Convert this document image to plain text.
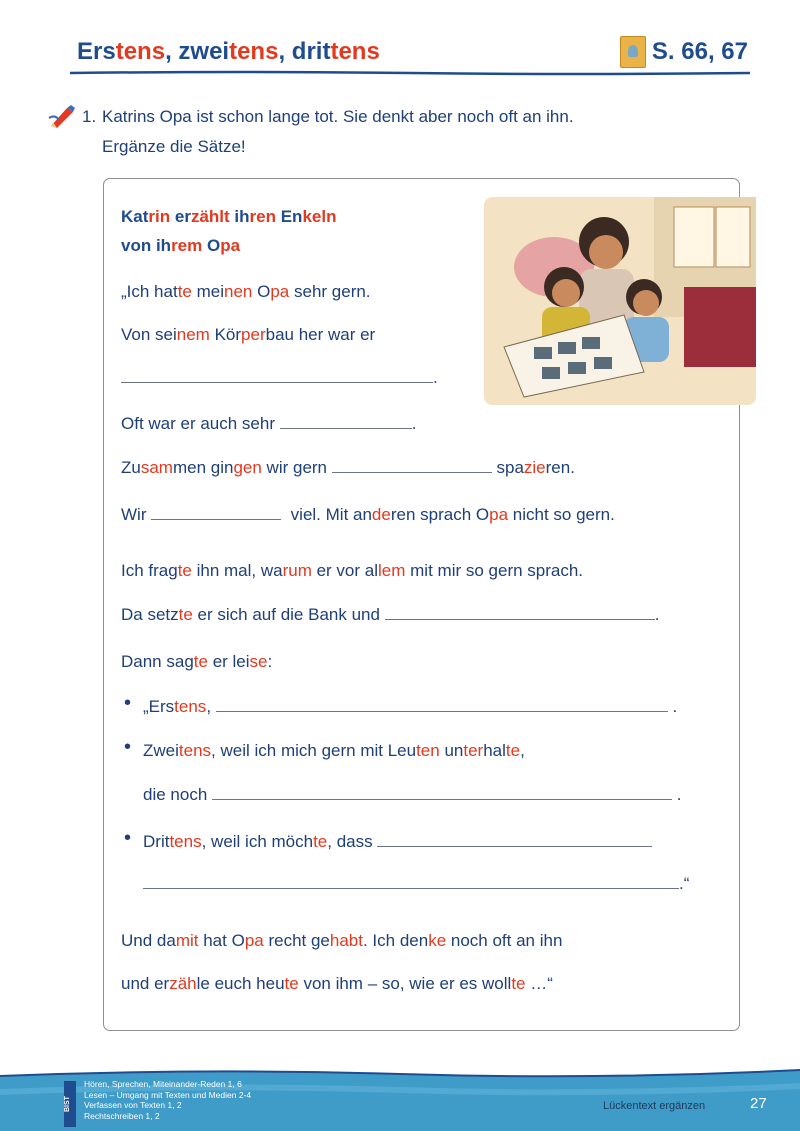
Erstens, zweitens, drittens	S. 66, 67
1. Katrins Opa ist schon lange tot. Sie denkt aber noch oft an ihn.
Ergänze die Sätze!
Katrin erzählt ihren Enkeln
von ihrem Opa
„Ich hatte meinen Opa sehr gern.
Von seinem Körperbau her war er
.
Oft war er auch sehr	.
Zusammen gingen wir gern	spazieren.
Wir	viel. Mit anderen sprach Opa nicht so gern.
Ich fragte ihn mal, warum er vor allem mit mir so gern sprach.
Da setzte er sich auf die Bank und	.
Dann sagte er leise:
• „Erstens,	.
• Zweitens, weil ich mich gern mit Leuten unterhalte,
die noch	.
• Drittens, weil ich möchte, dass
.“
Und damit hat Opa recht gehabt. Ich denke noch oft an ihn
und erzähle euch heute von ihm – so, wie er es wollte …“
BIST
Hören, Sprechen, Miteinander-Reden 1, 6
Lesen – Umgang mit Texten und Medien 2-4
Verfassen von Texten 1, 2
Rechtschreiben 1, 2
Lückentext ergänzen	27
